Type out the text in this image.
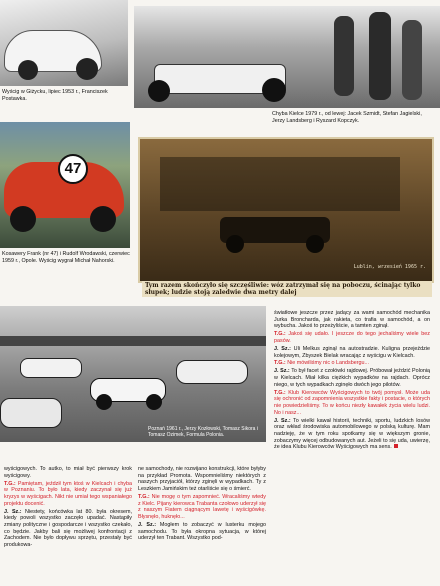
Wyścig w Giżycku, lipiec 1953 r., Franciszek Postawka.
Chyba Kielce 1979 r., od lewej: Jacek Szmidt, Stefan Jagielski, Jerzy Landsberg i Ryszard Kopczyk.
47
Kosawery Frank (nr 47) i Rudolf Wrodawski, czerwiec 1959 r., Opole. Wyścig wygrał Michał Nahorski.
Lublin, wrzesień 1965 r.
Tym razem skończyło się szczęśliwie: wóz zatrzymał się na poboczu, ścinając tylko słupek; ludzie stoją zaledwie dwa metry dalej
Poznań 1961 r., Jerzy Kozłowski, Tomasz Sikora i Tomasz Ozimek, Formula Polonia.

światłowe jeszcze przez jadący za wami samochód mechanika Jurka Broncharda, jak rakieta, co trafia w samochód, a on wybucha. Jakoś to przeżyliście, a tamten zginął.

T.G.: Jakoś się udało. I jeszcze do tego jechaliśmy wiele bez pasów.

J. Sz.: Uli Melkus zginął na autostradzie. Kuligna przejeździe kolejowym, Zbyszek Bielak wracając z wyścigu w Kielcach.

T.G.: Nie mówiliśmy nic o Landsbergu...

J. Sz.: To był facet z czołówki rajdowej. Próbował jeździć Polonią w Kielcach. Miał kilka ciężkich wypadków na rajdach. Oprócz niego, w tych wypadkach zginęło dwóch jego pilotów.

T.G.: Klub Kierowców Wyścigowych to twój pomysł. Może uda się ochronić od zapomnienia wszystkie fakty i postacie, o których nie powiedzieliśmy. To w końcu niezły kawałek życia wielu ludzi. No i nasz...

J. Sz.: To wielki kawał historii, techniki, sportu, ludzkich losów oraz wkład środowiska automobilowego w polską kulturę. Mam nadzieję, że w tym roku spotkamy się w większym gronie, zobaczymy więcej odbudowanych aut. Jeżeli to się uda, uwierzę, że idea Klubu Kierowców Wyścigowych ma sens.

wyścigowych. To autko, to miał być pierwszy krok wyścigowy.

T.G.: Pamiętam, jeździł tym ktoś w Kielcach i chyba w Poznaniu. To było lata, kiedy zaczynał się już kryzys w wyścigach. Nikt nie umiał tego wspaniałego projektu docenić.

J. Sz.: Niestety, końcówka lat 80. była okresem, kiedy powoli wszystko zaczęło upadać. Nastąpiły zmiany polityczne i gospodarcze i wszystko czekało, co będzie. Jakby bali się możliwej konfrontacji z Zachodem. Nie było dopływu sprzętu, przestały być produkowa-

ne samochody, nie rozwijano konstrukcji, które byłyby na przykład Promota. Wspomnieliśmy niektórych z naszych przyjaciół, którzy zginęli w wypadkach. Ty z Leszkiem Jamińskim też otarliście się o śmierć.

T.G.: Nie mogę o tym zapomnieć. Wracaliśmy wtedy z Kielc. Pijany kierowca Trabanta czołowo uderzył się z naszym Fiatem ciągnącym lawetę i wyścigówkę. Błysnęło, huknęło...

J. Sz.: Mogłem to zobaczyć w lusterku mojego samochodu. To była okropna sytuacja, w której uderzył ten Trabant. Wszystko pod-
